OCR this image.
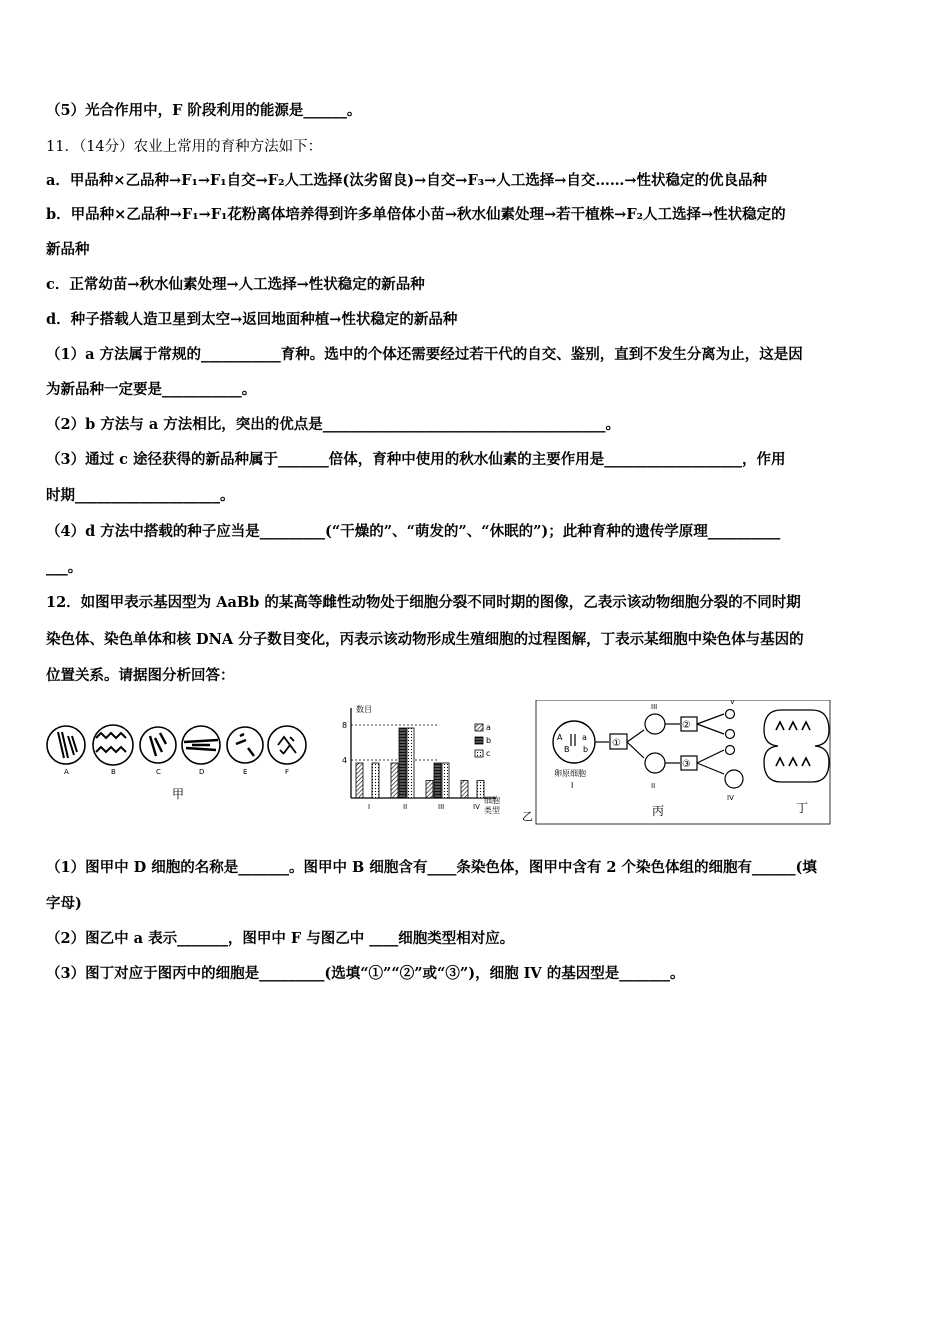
（5）光合作用中，F 阶段利用的能源是______。
11．（14分）农业上常用的育种方法如下：
a．甲品种×乙品种→F₁→F₁自交→F₂人工选择(汰劣留良)→自交→F₃→人工选择→自交……→性状稳定的优良品种
b．甲品种×乙品种→F₁→F₁花粉离体培养得到许多单倍体小苗→秋水仙素处理→若干植株→F₂人工选择→性状稳定的
新品种
c．正常幼苗→秋水仙素处理→人工选择→性状稳定的新品种
d．种子搭载人造卫星到太空→返回地面种植→性状稳定的新品种
（1）a 方法属于常规的___________育种。选中的个体还需要经过若干代的自交、鉴别，直到不发生分离为止，这是因
为新品种一定要是___________。
（2）b 方法与 a 方法相比，突出的优点是_______________________________________。
（3）通过 c 途径获得的新品种属于_______倍体，育种中使用的秋水仙素的主要作用是___________________，作用
时期____________________。
（4）d 方法中搭载的种子应当是_________(“干燥的”、“萌发的”、“休眠的”)；此种育种的遗传学原理__________
___。
12．如图甲表示基因型为 AaBb 的某高等雌性动物处于细胞分裂不同时期的图像，乙表示该动物细胞分裂的不同时期
染色体、染色单体和核 DNA 分子数目变化，丙表示该动物形成生殖细胞的过程图解，丁表示某细胞中染色体与基因的
位置关系。请据图分析回答：
A	B	C	D	E	F
甲
数目
8
4
I	II	III	IV
细胞
类型
a
b
c
乙
A
B
a
b
卵原细胞
I
①
III
II
②
③
V
IV
丙	丁
（1）图甲中 D 细胞的名称是_______。图甲中 B 细胞含有____条染色体，图甲中含有 2 个染色体组的细胞有______(填
字母)
（2）图乙中 a 表示_______，图甲中 F 与图乙中 ____细胞类型相对应。
（3）图丁对应于图丙中的细胞是_________(选填“①”“②”或“③”)，细胞 IV 的基因型是_______。
